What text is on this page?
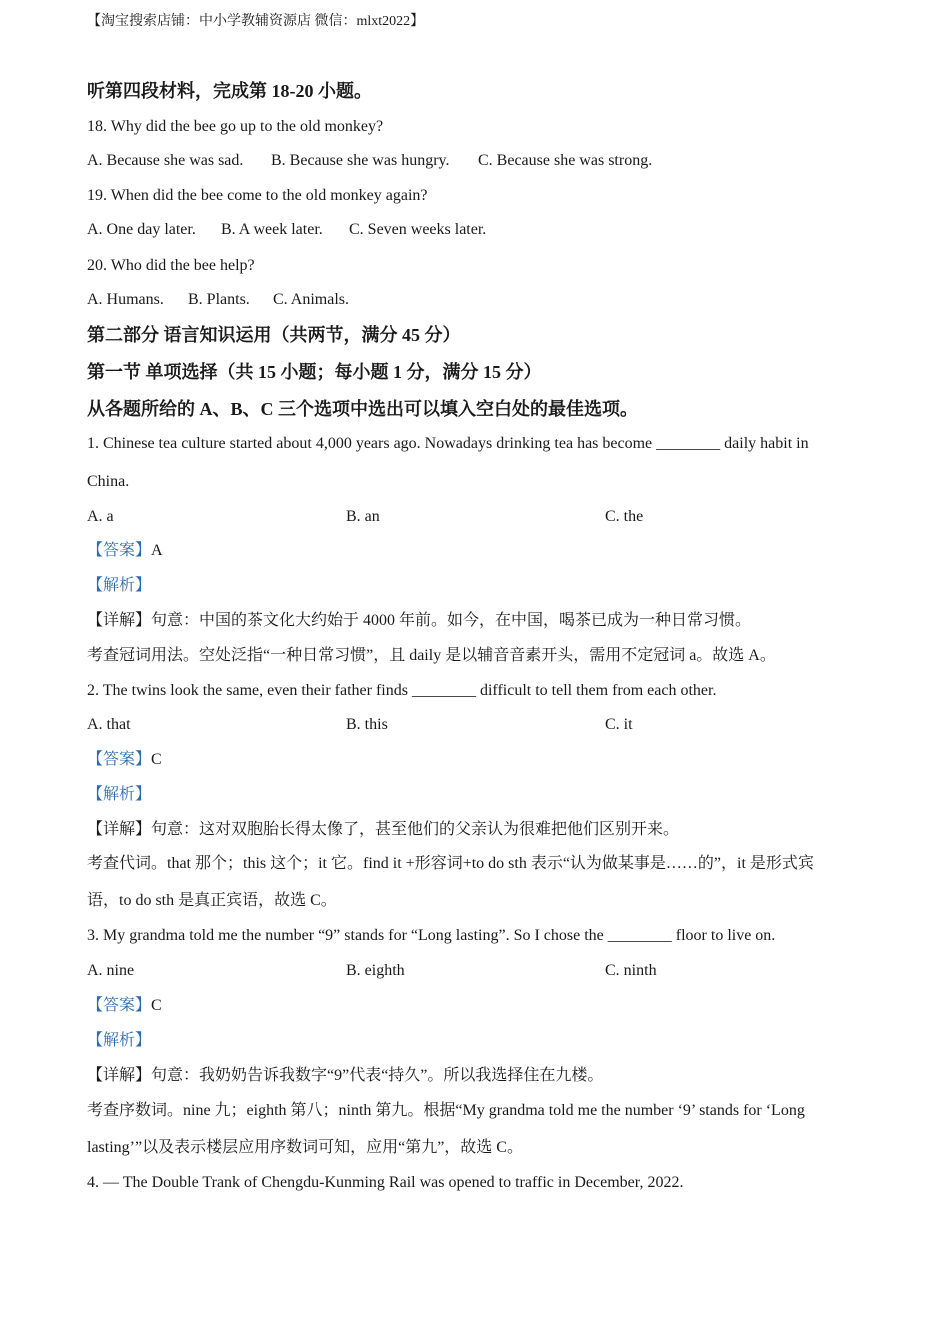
【淘宝搜索店铺：中小学教辅资源店 微信：mlxt2022】
听第四段材料，完成第 18-20 小题。
18. Why did the bee go up to the old monkey?
A. Because she was sad. B. Because she was hungry. C. Because she was strong.
19. When did the bee come to the old monkey again?
A. One day later. B. A week later. C. Seven weeks later.
20. Who did the bee help?
A. Humans. B. Plants. C. Animals.
第二部分 语言知识运用（共两节，满分 45 分）
第一节 单项选择（共 15 小题；每小题 1 分，满分 15 分）
从各题所给的 A、B、C 三个选项中选出可以填入空白处的最佳选项。
1. Chinese tea culture started about 4,000 years ago. Nowadays drinking tea has become ________ daily habit in
China.
A. a	B. an	C. the
【答案】A
【解析】
【详解】句意：中国的茶文化大约始于 4000 年前。如今，在中国，喝茶已成为一种日常习惯。
考查冠词用法。空处泛指“一种日常习惯”，且 daily 是以辅音音素开头，需用不定冠词 a。故选 A。
2. The twins look the same, even their father finds ________ difficult to tell them from each other.
A. that	B. this	C. it
【答案】C
【解析】
【详解】句意：这对双胞胎长得太像了，甚至他们的父亲认为很难把他们区别开来。
考查代词。that 那个；this 这个；it 它。find it +形容词+to do sth 表示“认为做某事是……的”，it 是形式宾
语，to do sth 是真正宾语，故选 C。
3. My grandma told me the number “9” stands for “Long lasting”. So I chose the ________ floor to live on.
A. nine	B. eighth	C. ninth
【答案】C
【解析】
【详解】句意：我奶奶告诉我数字“9”代表“持久”。所以我选择住在九楼。
考查序数词。nine 九；eighth 第八；ninth 第九。根据“My grandma told me the number ‘9’ stands for ‘Long
lasting’”以及表示楼层应用序数词可知，应用“第九”，故选 C。
4. — The Double Trank of Chengdu-Kunming Rail was opened to traffic in December, 2022.
